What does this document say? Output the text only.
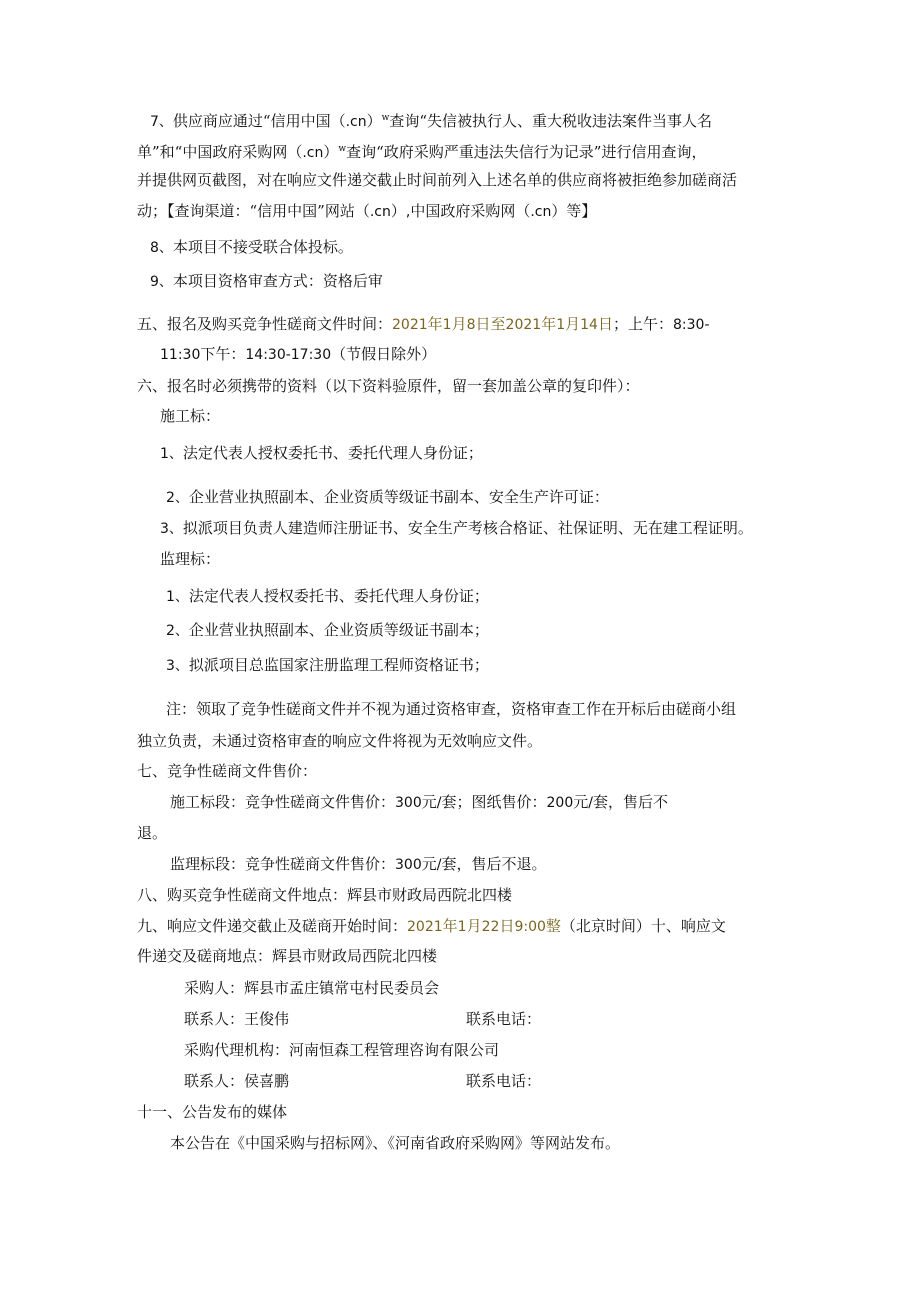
7、供应商应通过“信用中国$(.cn)^w$查询“失信被执行人、重大税收违法案件当事人名
单”和“中国政府采购网$(.cn)^w$查询“政府采购严重违法失信行为记录”进行信用查询，
并提供网页截图，对在响应文件递交截止时间前列入上述名单的供应商将被拒绝参加磋商活
动；【查询渠道：“信用中国”网站（.cn）,中国政府采购网（.cn）等】
8、本项目不接受联合体投标。
9、本项目资格审查方式：资格后审
五、报名及购买竞争性磋商文件时间：2021年1月8日至2021年1月14日；上午：8:30-
11:30下午：14:30-17:30（节假日除外）
六、报名时必须携带的资料（以下资料验原件，留一套加盖公章的复印件）：
施工标：
1、法定代表人授权委托书、委托代理人身份证；
2、企业营业执照副本、企业资质等级证书副本、安全生产许可证：
3、拟派项目负责人建造师注册证书、安全生产考核合格证、社保证明、无在建工程证明。
监理标：
1、法定代表人授权委托书、委托代理人身份证；
2、企业营业执照副本、企业资质等级证书副本；
3、拟派项目总监国家注册监理工程师资格证书；
注：领取了竞争性磋商文件并不视为通过资格审查，资格审查工作在开标后由磋商小组
独立负责，未通过资格审查的响应文件将视为无效响应文件。
七、竞争性磋商文件售价：
施工标段：竞争性磋商文件售价：300元/套；图纸售价：200元/套，售后不
退。
监理标段：竞争性磋商文件售价：300元/套，售后不退。
八、购买竞争性磋商文件地点：辉县市财政局西院北四楼
九、响应文件递交截止及磋商开始时间：2021年1月22日9:00整（北京时间）十、响应文
件递交及磋商地点：辉县市财政局西院北四楼
采购人：辉县市孟庄镇常屯村民委员会
联系人：王俊伟	联系电话：
采购代理机构：河南恒森工程管理咨询有限公司
联系人：侯喜鹏	联系电话：
十一、公告发布的媒体
本公告在《中国采购与招标网》、《河南省政府采购网》等网站发布。
